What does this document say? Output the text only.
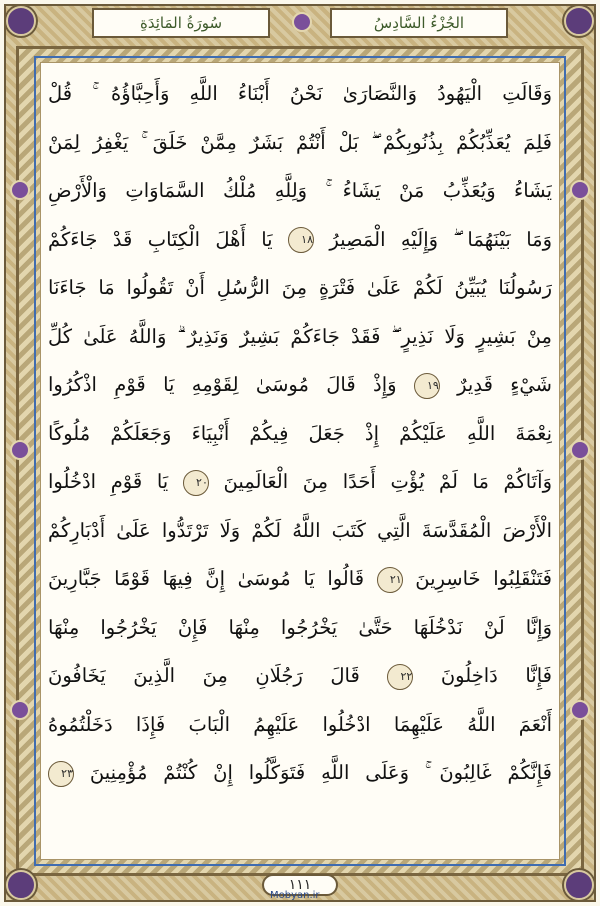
سُورَةُ المَائِدَةِ	الجُزْءُ السَّادِسُ
وَقَالَتِ الْيَهُودُ وَالنَّصَارَىٰ نَحْنُ أَبْنَاءُ اللَّهِ وَأَحِبَّاؤُهُ ۚ قُلْ
فَلِمَ يُعَذِّبُكُمْ بِذُنُوبِكُمْ ۖ بَلْ أَنْتُمْ بَشَرٌ مِمَّنْ خَلَقَ ۚ يَغْفِرُ لِمَنْ
يَشَاءُ وَيُعَذِّبُ مَنْ يَشَاءُ ۚ وَلِلَّهِ مُلْكُ السَّمَاوَاتِ وَالْأَرْضِ
وَمَا بَيْنَهُمَا ۖ وَإِلَيْهِ الْمَصِيرُ ١٨ يَا أَهْلَ الْكِتَابِ قَدْ جَاءَكُمْ
رَسُولُنَا يُبَيِّنُ لَكُمْ عَلَىٰ فَتْرَةٍ مِنَ الرُّسُلِ أَنْ تَقُولُوا مَا جَاءَنَا
مِنْ بَشِيرٍ وَلَا نَذِيرٍ ۖ فَقَدْ جَاءَكُمْ بَشِيرٌ وَنَذِيرٌ ۗ وَاللَّهُ عَلَىٰ كُلِّ
شَيْءٍ قَدِيرٌ ١٩ وَإِذْ قَالَ مُوسَىٰ لِقَوْمِهِ يَا قَوْمِ اذْكُرُوا
نِعْمَةَ اللَّهِ عَلَيْكُمْ إِذْ جَعَلَ فِيكُمْ أَنْبِيَاءَ وَجَعَلَكُمْ مُلُوكًا
وَآتَاكُمْ مَا لَمْ يُؤْتِ أَحَدًا مِنَ الْعَالَمِينَ ٢٠ يَا قَوْمِ ادْخُلُوا
الْأَرْضَ الْمُقَدَّسَةَ الَّتِي كَتَبَ اللَّهُ لَكُمْ وَلَا تَرْتَدُّوا عَلَىٰ أَدْبَارِكُمْ
فَتَنْقَلِبُوا خَاسِرِينَ ٢١ قَالُوا يَا مُوسَىٰ إِنَّ فِيهَا قَوْمًا جَبَّارِينَ
وَإِنَّا لَنْ نَدْخُلَهَا حَتَّىٰ يَخْرُجُوا مِنْهَا فَإِنْ يَخْرُجُوا مِنْهَا
فَإِنَّا دَاخِلُونَ ٢٢ قَالَ رَجُلَانِ مِنَ الَّذِينَ يَخَافُونَ
أَنْعَمَ اللَّهُ عَلَيْهِمَا ادْخُلُوا عَلَيْهِمُ الْبَابَ فَإِذَا دَخَلْتُمُوهُ
فَإِنَّكُمْ غَالِبُونَ ۚ وَعَلَى اللَّهِ فَتَوَكَّلُوا إِنْ كُنْتُمْ مُؤْمِنِينَ ٢٣
١١١
Mobyan.ir
